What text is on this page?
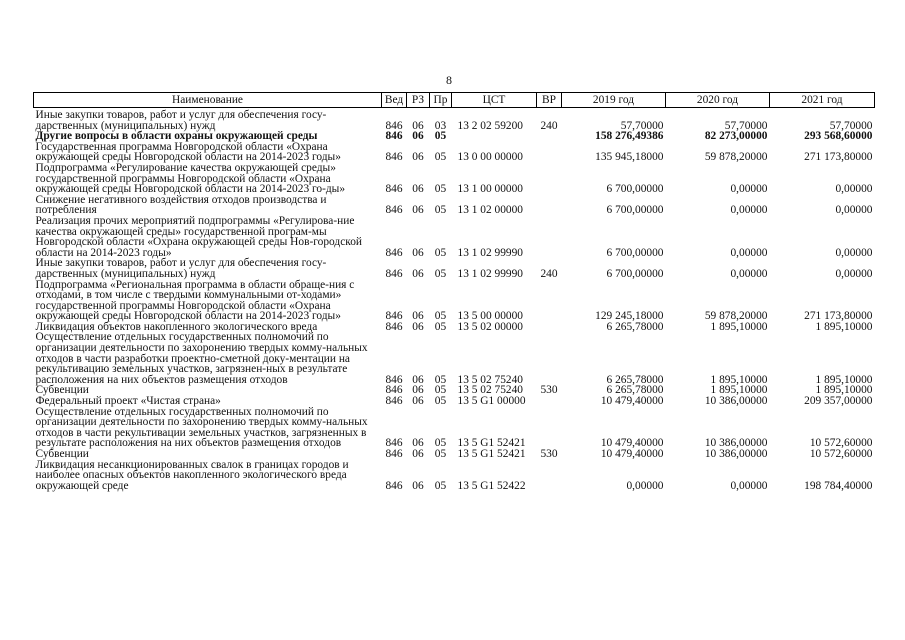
8
Наименование	Вед	РЗ	Пр	ЦСТ	ВР	2019 год	2020 год	2021 год
Иные закупки товаров, работ и услуг для обеспечения госу-дарственных (муниципальных) нужд	846	06	03	13 2 02 59200	240	57,70000	57,70000	57,70000
Другие вопросы в области охраны окружающей среды	846	06	05			158 276,49386	82 273,00000	293 568,60000
Государственная программа Новгородской области «Охрана окружающей среды Новгородской области на 2014-2023 годы»	846	06	05	13 0 00 00000		135 945,18000	59 878,20000	271 173,80000
Подпрограмма «Регулирование качества окружающей среды» государственной программы Новгородской области «Охрана окружающей среды Новгородской области на 2014-2023 го-ды»	846	06	05	13 1 00 00000		6 700,00000	0,00000	0,00000
Снижение негативного воздействия отходов производства и потребления	846	06	05	13 1 02 00000		6 700,00000	0,00000	0,00000
Реализация прочих мероприятий подпрограммы «Регулирова-ние качества окружающей среды» государственной програм-мы Новгородской области «Охрана окружающей среды Нов-городской области на 2014-2023 годы»	846	06	05	13 1 02 99990		6 700,00000	0,00000	0,00000
Иные закупки товаров, работ и услуг для обеспечения госу-дарственных (муниципальных) нужд	846	06	05	13 1 02 99990	240	6 700,00000	0,00000	0,00000
Подпрограмма «Региональная программа в области обраще-ния с отходами, в том числе с твердыми коммунальными от-ходами» государственной программы Новгородской области «Охрана окружающей среды Новгородской области на 2014-2023 годы»	846	06	05	13 5 00 00000		129 245,18000	59 878,20000	271 173,80000
Ликвидация объектов накопленного экологического вреда	846	06	05	13 5 02 00000		6 265,78000	1 895,10000	1 895,10000
Осуществление отдельных государственных полномочий по организации деятельности по захоронению твердых комму-нальных отходов в части разработки проектно-сметной доку-ментации на рекультивацию земельных участков, загрязнен-ных в результате расположения на них объектов размещения отходов	846	06	05	13 5 02 75240		6 265,78000	1 895,10000	1 895,10000
Субвенции	846	06	05	13 5 02 75240	530	6 265,78000	1 895,10000	1 895,10000
Федеральный проект «Чистая страна»	846	06	05	13 5 G1 00000		10 479,40000	10 386,00000	209 357,00000
Осуществление отдельных государственных полномочий по организации деятельности по захоронению твердых комму-нальных отходов в части рекультивации земельных участков, загрязненных в результате расположения на них объектов размещения отходов	846	06	05	13 5 G1 52421		10 479,40000	10 386,00000	10 572,60000
Субвенции	846	06	05	13 5 G1 52421	530	10 479,40000	10 386,00000	10 572,60000
Ликвидация несанкционированных свалок в границах городов и наиболее опасных объектов накопленного экологического вреда окружающей среде	846	06	05	13 5 G1 52422		0,00000	0,00000	198 784,40000
